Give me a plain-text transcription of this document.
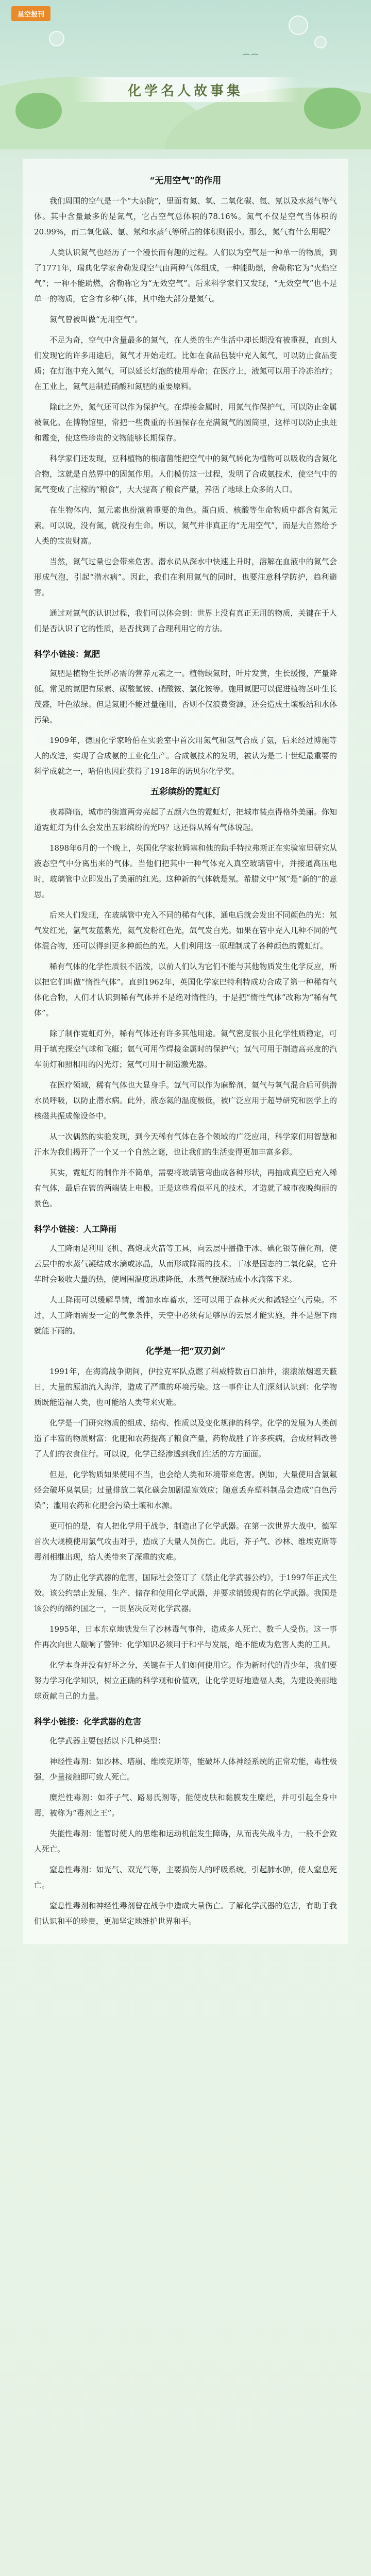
⌒⌒
星空报刊
化学名人故事集
“无用空气”的作用

我们周围的空气是一个“大杂院”，里面有氮、氧、二氧化碳、氩、氖以及水蒸气等气体。其中含量最多的是氮气，它占空气总体积的78.16%。氮气不仅是空气当体积的20.99%，而二氧化碳、氩、氖和水蒸气等所占的体积则很小。那么，氮气有什么用呢？

人类认识氮气也经历了一个漫长而有趣的过程。人们以为空气是一种单一的物质，到了1771年，瑞典化学家舍勒发现空气由两种气体组成，一种能助燃，舍勒称它为“火焰空气”；一种不能助燃，舍勒称它为“无效空气”。后来科学家们又发现，“无效空气”也不是单一的物质，它含有多种气体，其中绝大部分是氮气。

氮气曾被叫做“无用空气”。

不足为奇，空气中含量最多的氮气，在人类的生产生活中却长期没有被重视，直到人们发现它的许多用途后，氮气才开始走红。比如在食品包装中充入氮气，可以防止食品变质；在灯泡中充入氮气，可以延长灯泡的使用寿命；在医疗上，液氮可以用于冷冻治疗；在工业上，氮气是制造硝酸和氮肥的重要原料。

除此之外，氮气还可以作为保护气。在焊接金属时，用氮气作保护气，可以防止金属被氧化。在博物馆里，常把一些贵重的书画保存在充满氮气的圆筒里，这样可以防止虫蛀和霉变，使这些珍贵的文物能够长期保存。

科学家们还发现，豆科植物的根瘤菌能把空气中的氮气转化为植物可以吸收的含氮化合物，这就是自然界中的固氮作用。人们模仿这一过程，发明了合成氨技术，使空气中的氮气变成了庄稼的“粮食”，大大提高了粮食产量，养活了地球上众多的人口。

在生物体内，氮元素也扮演着重要的角色。蛋白质、核酸等生命物质中都含有氮元素。可以说，没有氮，就没有生命。所以，氮气并非真正的“无用空气”，而是大自然给予人类的宝贵财富。

当然，氮气过量也会带来危害。潜水员从深水中快速上升时，溶解在血液中的氮气会形成气泡，引起“潜水病”。因此，我们在利用氮气的同时，也要注意科学防护，趋利避害。

通过对氮气的认识过程，我们可以体会到：世界上没有真正无用的物质，关键在于人们是否认识了它的性质，是否找到了合理利用它的方法。

科学小链接：氮肥

氮肥是植物生长所必需的营养元素之一。植物缺氮时，叶片发黄，生长缓慢，产量降低。常见的氮肥有尿素、碳酸氢铵、硝酸铵、氯化铵等。施用氮肥可以促进植物茎叶生长茂盛，叶色浓绿。但是氮肥不能过量施用，否则不仅浪费资源，还会造成土壤板结和水体污染。

1909年，德国化学家哈伯在实验室中首次用氮气和氢气合成了氨，后来经过博施等人的改进，实现了合成氨的工业化生产。合成氨技术的发明，被认为是二十世纪最重要的科学成就之一，哈伯也因此获得了1918年的诺贝尔化学奖。

五彩缤纷的霓虹灯

夜幕降临，城市的街道两旁亮起了五颜六色的霓虹灯，把城市装点得格外美丽。你知道霓虹灯为什么会发出五彩缤纷的光吗？这还得从稀有气体说起。

1898年6月的一个晚上，英国化学家拉姆塞和他的助手特拉弗斯正在实验室里研究从液态空气中分离出来的气体。当他们把其中一种气体充入真空玻璃管中，并接通高压电时，玻璃管中立即发出了美丽的红光。这种新的气体就是氖。希腊文中“氖”是“新的”的意思。

后来人们发现，在玻璃管中充入不同的稀有气体，通电后就会发出不同颜色的光：氖气发红光，氩气发蓝紫光，氦气发粉红色光，氙气发白光。如果在管中充入几种不同的气体混合物，还可以得到更多种颜色的光。人们利用这一原理制成了各种颜色的霓虹灯。

稀有气体的化学性质很不活泼，以前人们认为它们不能与其他物质发生化学反应，所以把它们叫做“惰性气体”。直到1962年，英国化学家巴特利特成功合成了第一种稀有气体化合物，人们才认识到稀有气体并不是绝对惰性的，于是把“惰性气体”改称为“稀有气体”。

除了制作霓虹灯外，稀有气体还有许多其他用途。氦气密度很小且化学性质稳定，可用于填充探空气球和飞艇；氩气可用作焊接金属时的保护气；氙气可用于制造高亮度的汽车前灯和照相用的闪光灯；氪气可用于制造激光器。

在医疗领域，稀有气体也大显身手。氙气可以作为麻醉剂，氦气与氧气混合后可供潜水员呼吸，以防止潜水病。此外，液态氦的温度极低，被广泛应用于超导研究和医学上的核磁共振成像设备中。

从一次偶然的实验发现，到今天稀有气体在各个领域的广泛应用，科学家们用智慧和汗水为我们揭开了一个又一个自然之谜，也让我们的生活变得更加丰富多彩。

其实，霓虹灯的制作并不简单，需要将玻璃管弯曲成各种形状，再抽成真空后充入稀有气体，最后在管的两端装上电极。正是这些看似平凡的技术，才造就了城市夜晚绚丽的景色。

科学小链接：人工降雨

人工降雨是利用飞机、高炮或火箭等工具，向云层中播撒干冰、碘化银等催化剂，使云层中的水蒸气凝结成水滴或冰晶，从而形成降雨的技术。干冰是固态的二氧化碳，它升华时会吸收大量的热，使周围温度迅速降低，水蒸气便凝结成小水滴落下来。

人工降雨可以缓解旱情，增加水库蓄水，还可以用于森林灭火和减轻空气污染。不过，人工降雨需要一定的气象条件，天空中必须有足够厚的云层才能实施，并不是想下雨就能下雨的。

化学是一把“双刃剑”

1991年，在海湾战争期间，伊拉克军队点燃了科威特数百口油井，滚滚浓烟遮天蔽日，大量的原油流入海洋，造成了严重的环境污染。这一事件让人们深刻认识到：化学物质既能造福人类，也可能给人类带来灾难。

化学是一门研究物质的组成、结构、性质以及变化规律的科学。化学的发展为人类创造了丰富的物质财富：化肥和农药提高了粮食产量，药物战胜了许多疾病，合成材料改善了人们的衣食住行。可以说，化学已经渗透到我们生活的方方面面。

但是，化学物质如果使用不当，也会给人类和环境带来危害。例如，大量使用含氯氟烃会破坏臭氧层；过量排放二氧化碳会加剧温室效应；随意丢弃塑料制品会造成“白色污染”；滥用农药和化肥会污染土壤和水源。

更可怕的是，有人把化学用于战争，制造出了化学武器。在第一次世界大战中，德军首次大规模使用氯气攻击对手，造成了大量人员伤亡。此后，芥子气、沙林、维埃克斯等毒剂相继出现，给人类带来了深重的灾难。

为了防止化学武器的危害，国际社会签订了《禁止化学武器公约》，于1997年正式生效。该公约禁止发展、生产、储存和使用化学武器，并要求销毁现有的化学武器。我国是该公约的缔约国之一，一贯坚决反对化学武器。

1995年，日本东京地铁发生了沙林毒气事件，造成多人死亡、数千人受伤。这一事件再次向世人敲响了警钟：化学知识必须用于和平与发展，绝不能成为危害人类的工具。

化学本身并没有好坏之分，关键在于人们如何使用它。作为新时代的青少年，我们要努力学习化学知识，树立正确的科学观和价值观，让化学更好地造福人类，为建设美丽地球贡献自己的力量。

科学小链接：化学武器的危害

化学武器主要包括以下几种类型：

神经性毒剂：如沙林、塔崩、维埃克斯等，能破坏人体神经系统的正常功能，毒性极强，少量接触即可致人死亡。

糜烂性毒剂：如芥子气、路易氏剂等，能使皮肤和黏膜发生糜烂，并可引起全身中毒，被称为“毒剂之王”。

失能性毒剂：能暂时使人的思维和运动机能发生障碍，从而丧失战斗力，一般不会致人死亡。

窒息性毒剂：如光气、双光气等，主要损伤人的呼吸系统，引起肺水肿，使人窒息死亡。

窒息性毒剂和神经性毒剂曾在战争中造成大量伤亡。了解化学武器的危害，有助于我们认识和平的珍贵，更加坚定地维护世界和平。
